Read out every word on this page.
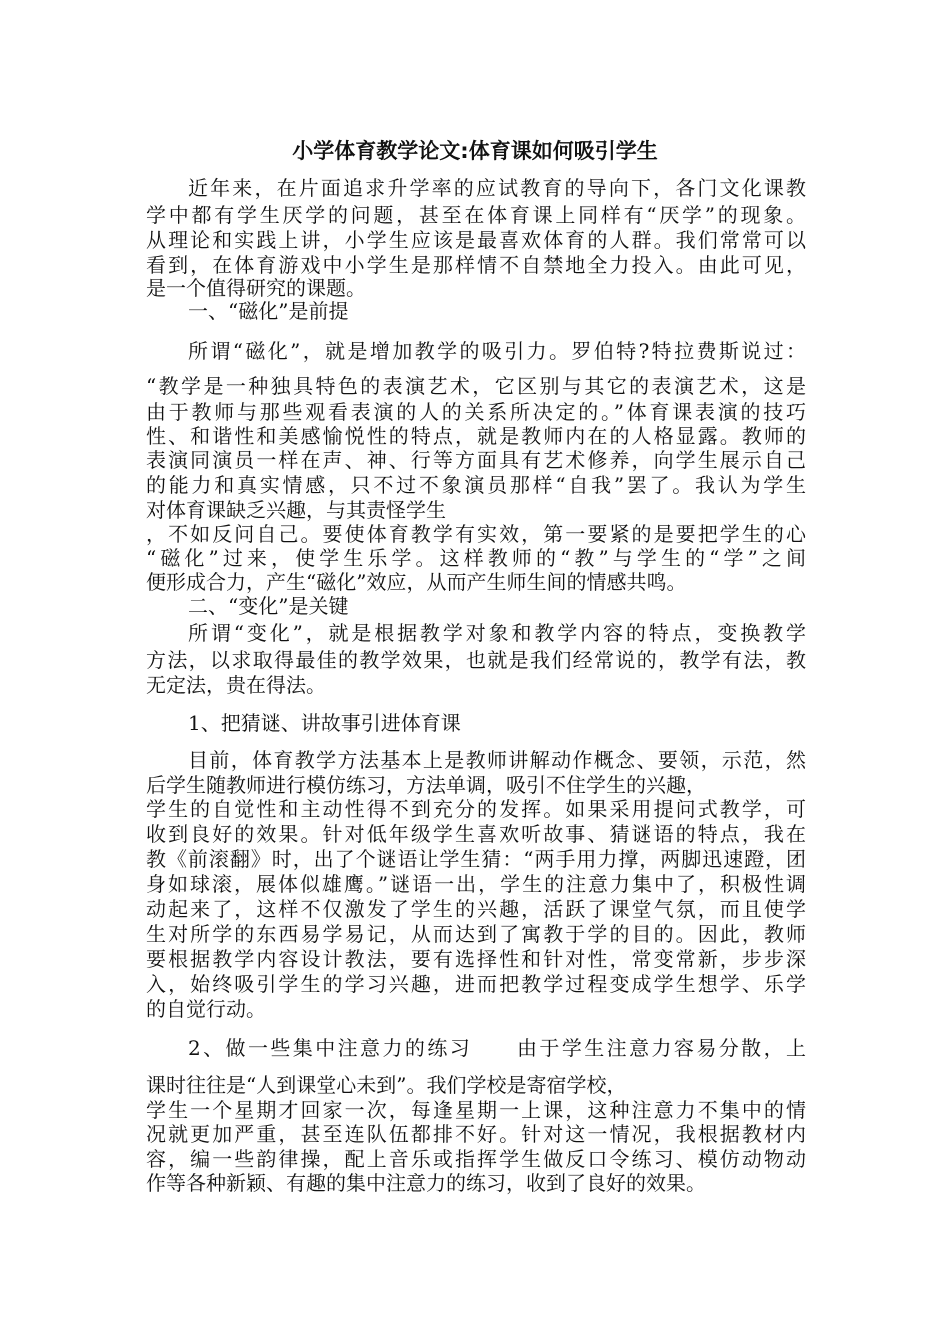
小学体育教学论文:体育课如何吸引学生
近年来，在片面追求升学率的应试教育的导向下，各门文化课教
学中都有学生厌学的问题，甚至在体育课上同样有“厌学”的现象。
从理论和实践上讲，小学生应该是最喜欢体育的人群。我们常常可以
看到，在体育游戏中小学生是那样情不自禁地全力投入。由此可见，
是一个值得研究的课题。
一、“磁化”是前提
所谓“磁化”，就是增加教学的吸引力。罗伯特?特拉费斯说过：
“教学是一种独具特色的表演艺术，它区别与其它的表演艺术，这是
由于教师与那些观看表演的人的关系所决定的。”体育课表演的技巧
性、和谐性和美感愉悦性的特点，就是教师内在的人格显露。教师的
表演同演员一样在声、神、行等方面具有艺术修养，向学生展示自己
的能力和真实情感，只不过不象演员那样“自我”罢了。我认为学生
对体育课缺乏兴趣，与其责怪学生
，不如反问自己。要使体育教学有实效，第一要紧的是要把学生的心
“磁化”过来，使学生乐学。这样教师的“教”与学生的“学”之间
便形成合力，产生“磁化”效应，从而产生师生间的情感共鸣。
二、“变化”是关键
所谓“变化”，就是根据教学对象和教学内容的特点，变换教学
方法，以求取得最佳的教学效果，也就是我们经常说的，教学有法，教
无定法，贵在得法。
1、把猜谜、讲故事引进体育课
目前，体育教学方法基本上是教师讲解动作概念、要领，示范，然
后学生随教师进行模仿练习，方法单调，吸引不住学生的兴趣，
学生的自觉性和主动性得不到充分的发挥。如果采用提问式教学，可
收到良好的效果。针对低年级学生喜欢听故事、猜谜语的特点，我在
教《前滚翻》时，出了个谜语让学生猜：“两手用力撑，两脚迅速蹬，团
身如球滚，展体似雄鹰。”谜语一出，学生的注意力集中了，积极性调
动起来了，这样不仅激发了学生的兴趣，活跃了课堂气氛，而且使学
生对所学的东西易学易记，从而达到了寓教于学的目的。因此，教师
要根据教学内容设计教法，要有选择性和针对性，常变常新，步步深
入，始终吸引学生的学习兴趣，进而把教学过程变成学生想学、乐学
的自觉行动。
2、做一些集中注意力的练习　　由于学生注意力容易分散，上
课时往往是“人到课堂心未到”。我们学校是寄宿学校，
学生一个星期才回家一次，每逢星期一上课，这种注意力不集中的情
况就更加严重，甚至连队伍都排不好。针对这一情况，我根据教材内
容，编一些韵律操，配上音乐或指挥学生做反口令练习、模仿动物动
作等各种新颖、有趣的集中注意力的练习，收到了良好的效果。
